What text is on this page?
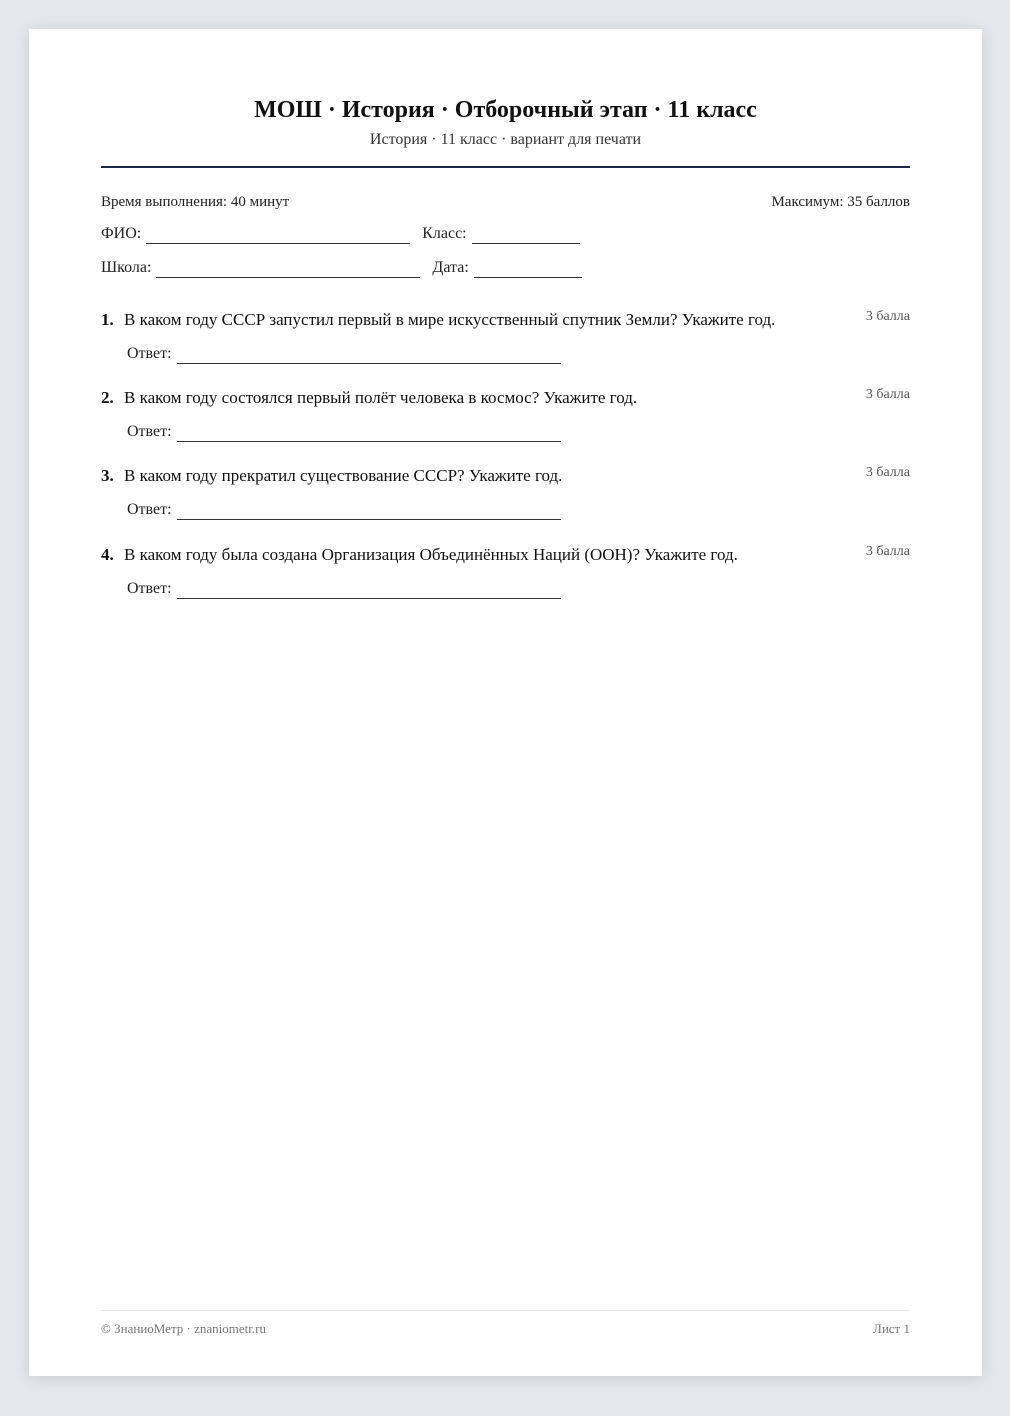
МОШ · История · Отборочный этап · 11 класс
История · 11 класс · вариант для печати
Время выполнения: 40 минут	Максимум: 35 баллов
ФИО:	Класс:
Школа:	Дата:
1. В каком году СССР запустил первый в мире искусственный спутник Земли? Укажите год.	3 балла
Ответ:
2. В каком году состоялся первый полёт человека в космос? Укажите год.	3 балла
Ответ:
3. В каком году прекратил существование СССР? Укажите год.	3 балла
Ответ:
4. В каком году была создана Организация Объединённых Наций (ООН)? Укажите год.	3 балла
Ответ:
© ЗнаниоМетр · znaniometr.ru	Лист 1
